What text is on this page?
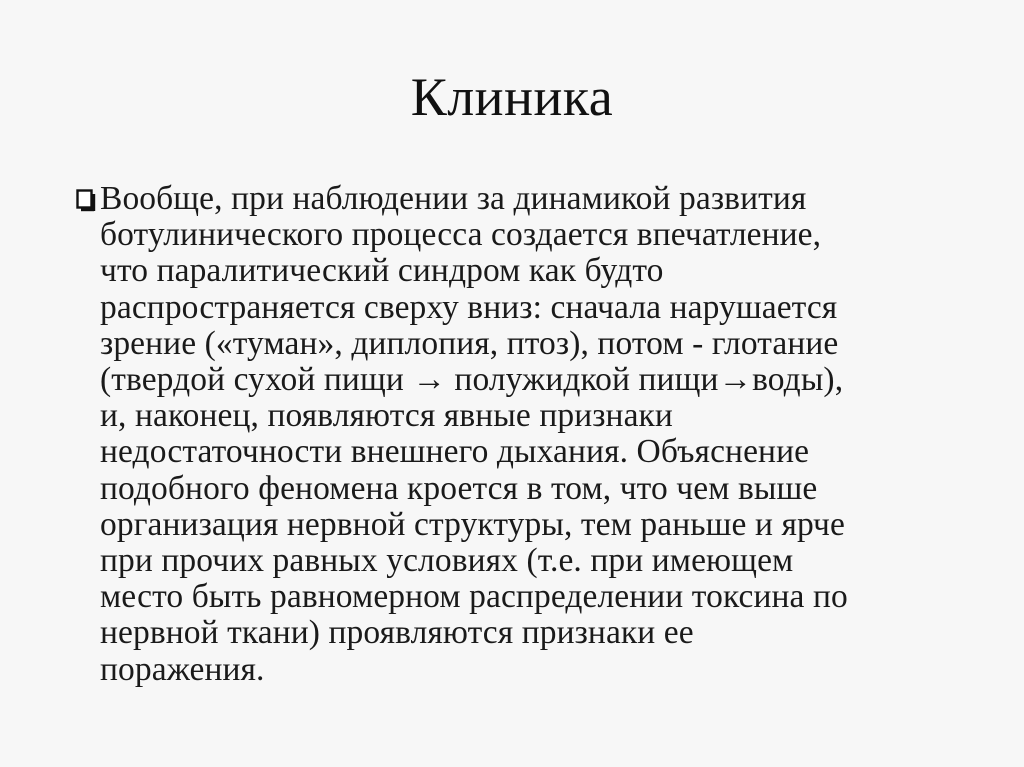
Клиника
Вообще, при наблюдении за динамикой развития
ботулинического процесса создается впечатление,
что паралитический синдром как будто
распространяется сверху вниз: сначала нарушается
зрение («туман», диплопия, птоз), потом - глотание
(твердой сухой пищи → полужидкой пищи→воды),
и, наконец, появляются явные признаки
недостаточности внешнего дыхания. Объяснение
подобного феномена кроется в том, что чем выше
организация нервной структуры, тем раньше и ярче
при прочих равных условиях (т.е. при имеющем
место быть равномерном распределении токсина по
нервной ткани) проявляются признаки ее
поражения.
